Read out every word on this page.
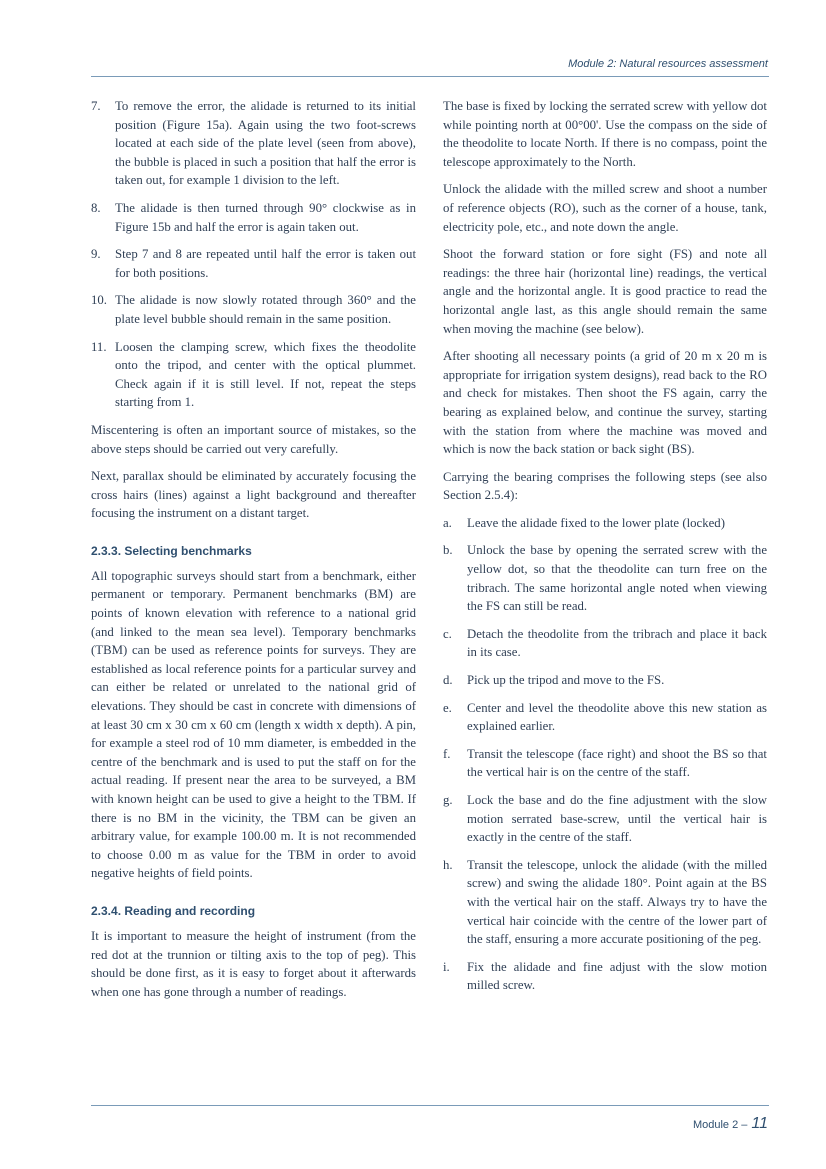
Module 2: Natural resources assessment
7. To remove the error, the alidade is returned to its initial position (Figure 15a). Again using the two foot-screws located at each side of the plate level (seen from above), the bubble is placed in such a position that half the error is taken out, for example 1 division to the left.
8. The alidade is then turned through 90° clockwise as in Figure 15b and half the error is again taken out.
9. Step 7 and 8 are repeated until half the error is taken out for both positions.
10. The alidade is now slowly rotated through 360° and the plate level bubble should remain in the same position.
11. Loosen the clamping screw, which fixes the theodolite onto the tripod, and center with the optical plummet. Check again if it is still level. If not, repeat the steps starting from 1.

Miscentering is often an important source of mistakes, so the above steps should be carried out very carefully.

Next, parallax should be eliminated by accurately focusing the cross hairs (lines) against a light background and thereafter focusing the instrument on a distant target.

2.3.3. Selecting benchmarks

All topographic surveys should start from a benchmark, either permanent or temporary. Permanent benchmarks (BM) are points of known elevation with reference to a national grid (and linked to the mean sea level). Temporary benchmarks (TBM) can be used as reference points for surveys. They are established as local reference points for a particular survey and can either be related or unrelated to the national grid of elevations. They should be cast in concrete with dimensions of at least 30 cm x 30 cm x 60 cm (length x width x depth). A pin, for example a steel rod of 10 mm diameter, is embedded in the centre of the benchmark and is used to put the staff on for the actual reading. If present near the area to be surveyed, a BM with known height can be used to give a height to the TBM. If there is no BM in the vicinity, the TBM can be given an arbitrary value, for example 100.00 m. It is not recommended to choose 0.00 m as value for the TBM in order to avoid negative heights of field points.

2.3.4. Reading and recording

It is important to measure the height of instrument (from the red dot at the trunnion or tilting axis to the top of peg). This should be done first, as it is easy to forget about it afterwards when one has gone through a number of readings.

The base is fixed by locking the serrated screw with yellow dot while pointing north at 00°00'. Use the compass on the side of the theodolite to locate North. If there is no compass, point the telescope approximately to the North.

Unlock the alidade with the milled screw and shoot a number of reference objects (RO), such as the corner of a house, tank, electricity pole, etc., and note down the angle.

Shoot the forward station or fore sight (FS) and note all readings: the three hair (horizontal line) readings, the vertical angle and the horizontal angle. It is good practice to read the horizontal angle last, as this angle should remain the same when moving the machine (see below).

After shooting all necessary points (a grid of 20 m x 20 m is appropriate for irrigation system designs), read back to the RO and check for mistakes. Then shoot the FS again, carry the bearing as explained below, and continue the survey, starting with the station from where the machine was moved and which is now the back station or back sight (BS).

Carrying the bearing comprises the following steps (see also Section 2.5.4):

a. Leave the alidade fixed to the lower plate (locked)
b. Unlock the base by opening the serrated screw with the yellow dot, so that the theodolite can turn free on the tribrach. The same horizontal angle noted when viewing the FS can still be read.
c. Detach the theodolite from the tribrach and place it back in its case.
d. Pick up the tripod and move to the FS.
e. Center and level the theodolite above this new station as explained earlier.
f. Transit the telescope (face right) and shoot the BS so that the vertical hair is on the centre of the staff.
g. Lock the base and do the fine adjustment with the slow motion serrated base-screw, until the vertical hair is exactly in the centre of the staff.
h. Transit the telescope, unlock the alidade (with the milled screw) and swing the alidade 180°. Point again at the BS with the vertical hair on the staff. Always try to have the vertical hair coincide with the centre of the lower part of the staff, ensuring a more accurate positioning of the peg.
i. Fix the alidade and fine adjust with the slow motion milled screw.
Module 2 – 11
